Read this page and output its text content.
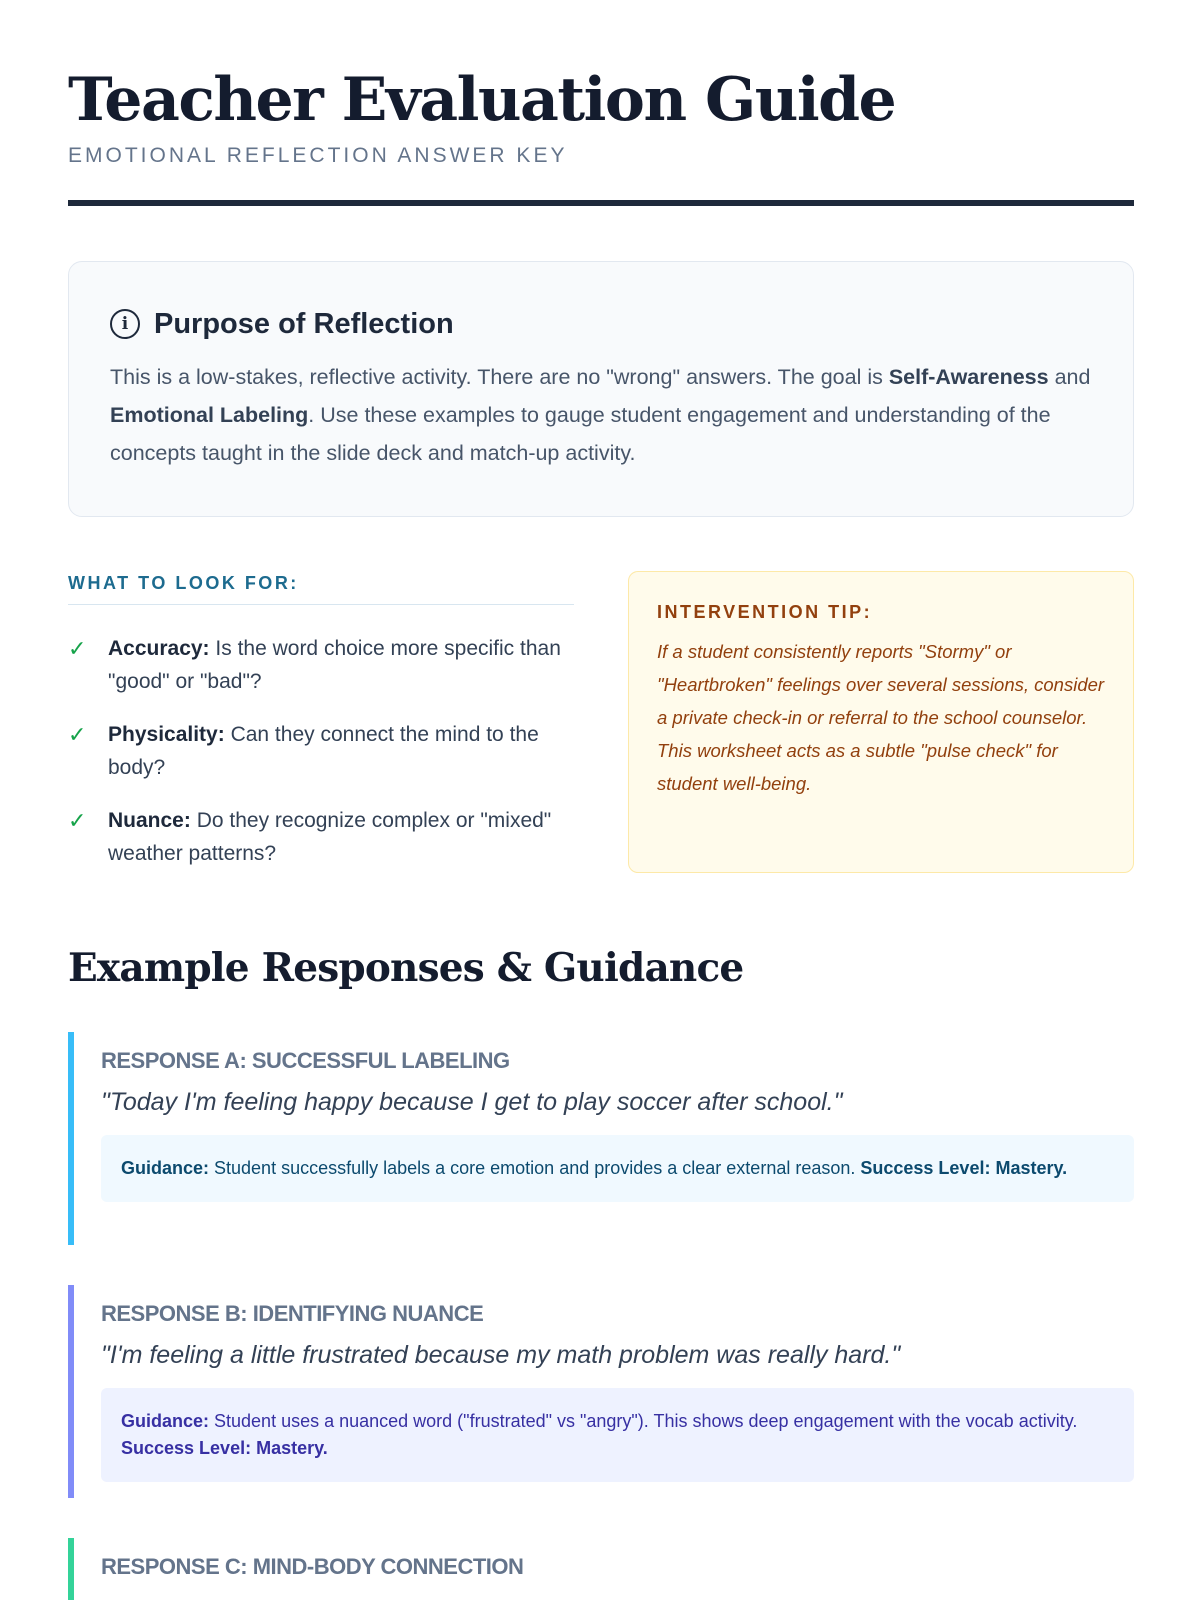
Teacher Evaluation Guide
EMOTIONAL REFLECTION ANSWER KEY
i Purpose of Reflection

This is a low-stakes, reflective activity. There are no "wrong" answers. The goal is Self-Awareness and Emotional Labeling. Use these examples to gauge student engagement and understanding of the concepts taught in the slide deck and match-up activity.

WHAT TO LOOK FOR:
✓	Accuracy: Is the word choice more specific than "good" or "bad"?
✓	Physicality: Can they connect the mind to the body?
✓	Nuance: Do they recognize complex or "mixed" weather patterns?
INTERVENTION TIP:

If a student consistently reports "Stormy" or "Heartbroken" feelings over several sessions, consider a private check-in or referral to the school counselor. This worksheet acts as a subtle "pulse check" for student well-being.

Example Responses & Guidance
RESPONSE A: SUCCESSFUL LABELING
"Today I'm feeling happy because I get to play soccer after school."
Guidance: Student successfully labels a core emotion and provides a clear external reason. Success Level: Mastery.
RESPONSE B: IDENTIFYING NUANCE
"I'm feeling a little frustrated because my math problem was really hard."
Guidance: Student uses a nuanced word ("frustrated" vs "angry"). This shows deep engagement with the vocab activity. Success Level: Mastery.
RESPONSE C: MIND-BODY CONNECTION
